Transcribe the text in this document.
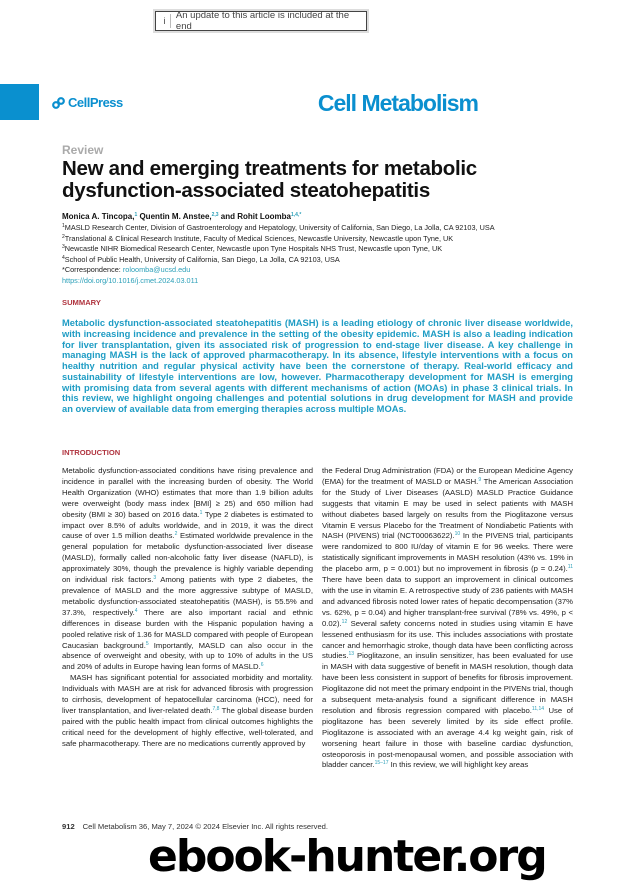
i	An update to this article is included at the end
CellPress	Cell Metabolism
Review
New and emerging treatments for metabolic
dysfunction-associated steatohepatitis
Monica A. Tincopa,$^1$ Quentin M. Anstee,$^{2,3}$ and Rohit Loomba$^{1,4,*}$
$^1$MASLD Research Center, Division of Gastroenterology and Hepatology, University of California, San Diego, La Jolla, CA 92103, USA
$^2$Translational & Clinical Research Institute, Faculty of Medical Sciences, Newcastle University, Newcastle upon Tyne, UK
$^3$Newcastle NIHR Biomedical Research Center, Newcastle upon Tyne Hospitals NHS Trust, Newcastle upon Tyne, UK
$^4$School of Public Health, University of California, San Diego, La Jolla, CA 92103, USA
*Correspondence: roloomba@ucsd.edu
https://doi.org/10.1016/j.cmet.2024.03.011
SUMMARY
Metabolic dysfunction-associated steatohepatitis (MASH) is a leading etiology of chronic liver disease worldwide, with increasing incidence and prevalence in the setting of the obesity epidemic. MASH is also a leading indication for liver transplantation, given its associated risk of progression to end-stage liver disease. A key challenge in managing MASH is the lack of approved pharmacotherapy. In its absence, lifestyle interventions with a focus on healthy nutrition and regular physical activity have been the cornerstone of therapy. Real-world efficacy and sustainability of lifestyle interventions are low, however. Pharmacotherapy development for MASH is emerging with promising data from several agents with different mechanisms of action (MOAs) in phase 3 clinical trials. In this review, we highlight ongoing challenges and potential solutions in drug development for MASH and provide an overview of available data from emerging therapies across multiple MOAs.
INTRODUCTION

Metabolic dysfunction-associated conditions have rising prevalence and incidence in parallel with the increasing burden of obesity. The World Health Organization (WHO) estimates that more than 1.9 billion adults were overweight (body mass index [BMI] ≥ 25) and 650 million had obesity (BMI ≥ 30) based on 2016 data.$^1$ Type 2 diabetes is estimated to impact over 8.5% of adults worldwide, and in 2019, it was the direct cause of over 1.5 million deaths.$^2$ Estimated worldwide prevalence in the general population for metabolic dysfunction-associated liver disease (MASLD), formally called non-alcoholic fatty liver disease (NAFLD), is approximately 30%, though the prevalence is highly variable depending on individual risk factors.$^3$ Among patients with type 2 diabetes, the prevalence of MASLD and the more aggressive subtype of MASLD, metabolic dysfunction-associated steatohepatitis (MASH), is 55.5% and 37.3%, respectively.$^4$ There are also important racial and ethnic differences in disease burden with the Hispanic population having a pooled relative risk of 1.36 for MASLD compared with people of European Caucasian background.$^5$ Importantly, MASLD can also occur in the absence of overweight and obesity, with up to 10% of adults in the US and 20% of adults in Europe having lean forms of MASLD.$^6$

MASH has significant potential for associated morbidity and mortality. Individuals with MASH are at risk for advanced fibrosis with progression to cirrhosis, development of hepatocellular carcinoma (HCC), need for liver transplantation, and liver-related death.$^{7,8}$ The global disease burden paired with the public health impact from clinical outcomes highlights the critical need for the development of highly effective, well-tolerated, and safe pharmacotherapy. There are no medications currently approved by

the Federal Drug Administration (FDA) or the European Medicine Agency (EMA) for the treatment of MASLD or MASH.$^9$ The American Association for the Study of Liver Diseases (AASLD) MASLD Practice Guidance suggests that vitamin E may be used in select patients with MASH without diabetes based largely on results from the Pioglitazone versus Vitamin E versus Placebo for the Treatment of Nondiabetic Patients with NASH (PIVENS) trial (NCT00063622).$^{10}$ In the PIVENS trial, participants were randomized to 800 IU/day of vitamin E for 96 weeks. There were statistically significant improvements in MASH resolution (43% vs. 19% in the placebo arm, p = 0.001) but no improvement in fibrosis (p = 0.24).$^{11}$ There have been data to support an improvement in clinical outcomes with the use in vitamin E. A retrospective study of 236 patients with MASH and advanced fibrosis noted lower rates of hepatic decompensation (37% vs. 62%, p = 0.04) and higher transplant-free survival (78% vs. 49%, p < 0.02).$^{12}$ Several safety concerns noted in studies using vitamin E have lessened enthusiasm for its use. This includes associations with prostate cancer and hemorrhagic stroke, though data have been conflicting across studies.$^{13}$ Pioglitazone, an insulin sensitizer, has been evaluated for use in MASH with data suggestive of benefit in MASH resolution, though data have been less consistent in support of benefits for fibrosis improvement. Pioglitazone did not meet the primary endpoint in the PIVENs trial, though a subsequent meta-analysis found a significant difference in MASH resolution and fibrosis regression compared with placebo.$^{11,14}$ Use of pioglitazone has been severely limited by its side effect profile. Pioglitazone is associated with an average 4.4 kg weight gain, risk of worsening heart failure in those with baseline cardiac dysfunction, osteoporosis in post-menopausal women, and possible association with bladder cancer.$^{15-17}$ In this review, we will highlight key areas

912 Cell Metabolism 36, May 7, 2024 © 2024 Elsevier Inc. All rights reserved.
ebook-hunter.org
